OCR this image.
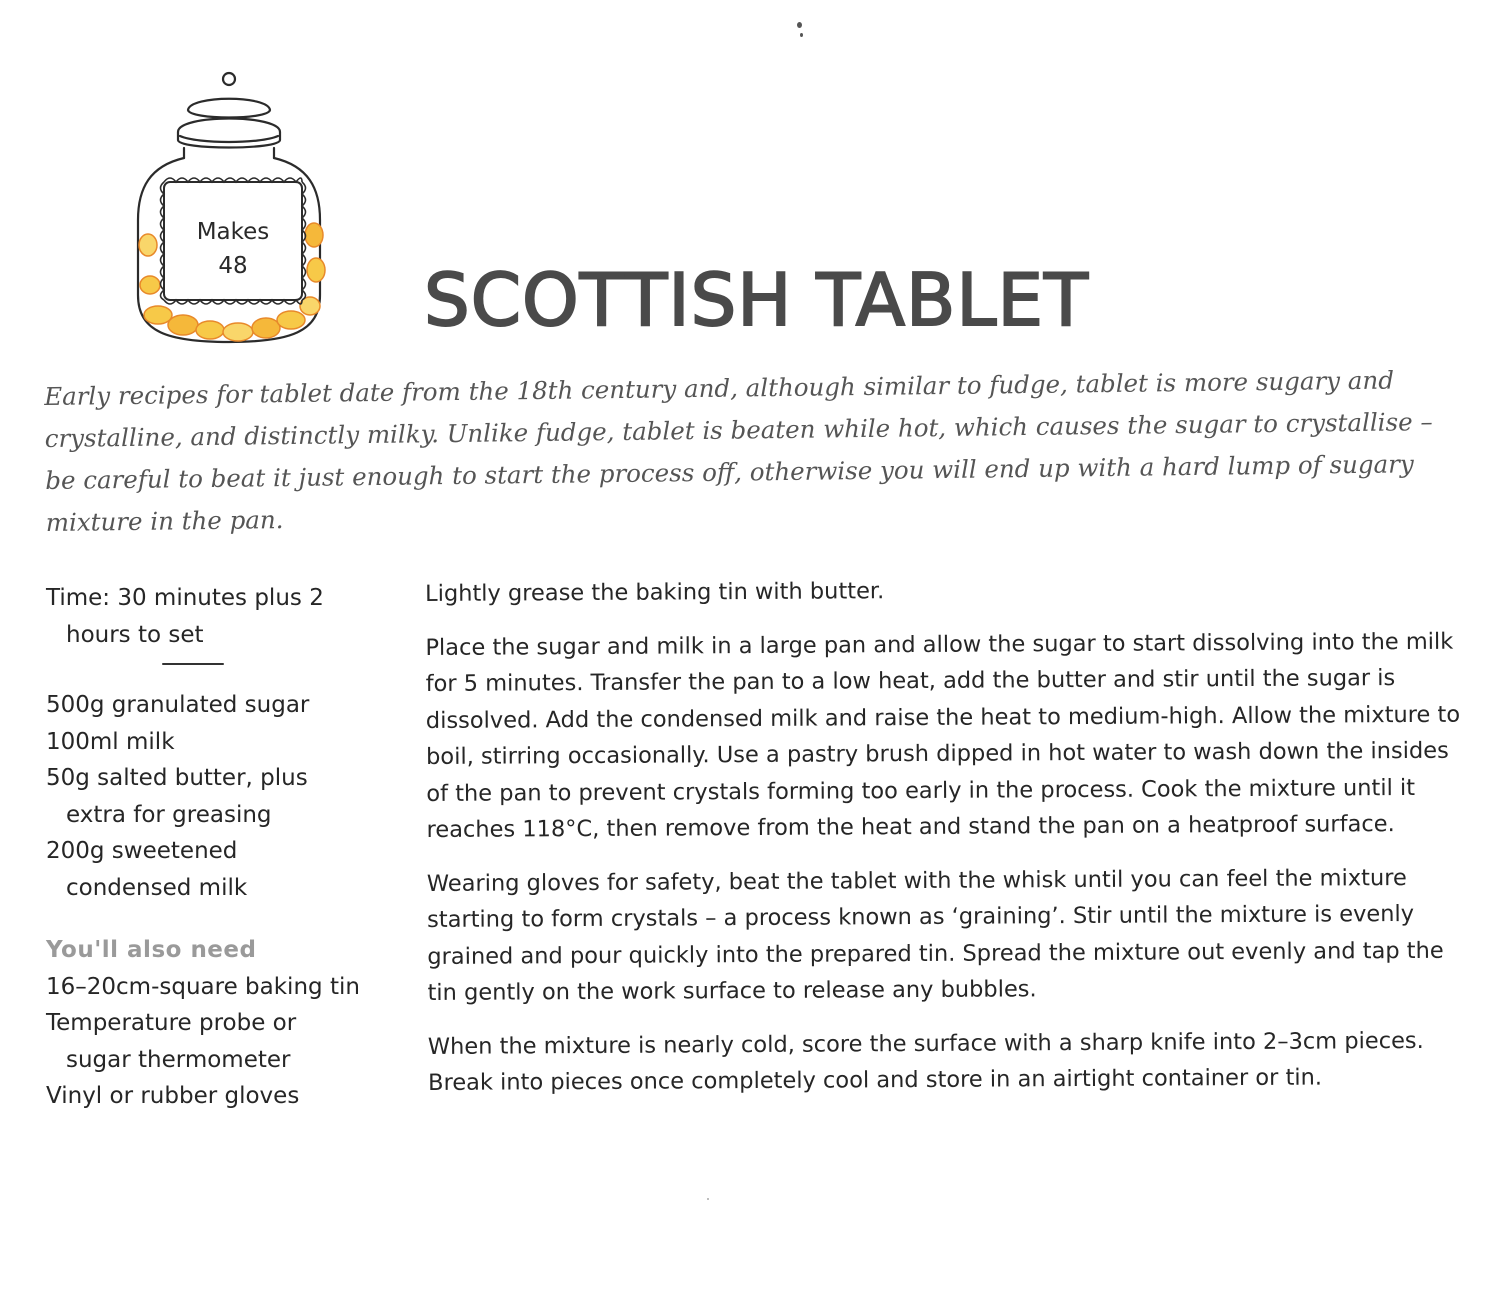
Makes
48	SCOTTISH TABLET

Early recipes for tablet date from the 18th century and, although similar to fudge, tablet is more sugary and crystalline, and distinctly milky. Unlike fudge, tablet is beaten while hot, which causes the sugar to crystallise – be careful to beat it just enough to start the process off, otherwise you will end up with a hard lump of sugary mixture in the pan.

Time: 30 minutes plus 2
hours to set
500g granulated sugar
100ml milk
50g salted butter, plus
extra for greasing
200g sweetened
condensed milk
You'll also need
16–20cm-square baking tin
Temperature probe or
sugar thermometer
Vinyl or rubber gloves

Lightly grease the baking tin with butter.

Place the sugar and milk in a large pan and allow the sugar to start dissolving into the milk for 5 minutes. Transfer the pan to a low heat, add the butter and stir until the sugar is dissolved. Add the condensed milk and raise the heat to medium-high. Allow the mixture to boil, stirring occasionally. Use a pastry brush dipped in hot water to wash down the insides of the pan to prevent crystals forming too early in the process. Cook the mixture until it reaches 118°C, then remove from the heat and stand the pan on a heatproof surface.

Wearing gloves for safety, beat the tablet with the whisk until you can feel the mixture starting to form crystals – a process known as ‘graining’. Stir until the mixture is evenly grained and pour quickly into the prepared tin. Spread the mixture out evenly and tap the tin gently on the work surface to release any bubbles.

When the mixture is nearly cold, score the surface with a sharp knife into 2–3cm pieces. Break into pieces once completely cool and store in an airtight container or tin.
